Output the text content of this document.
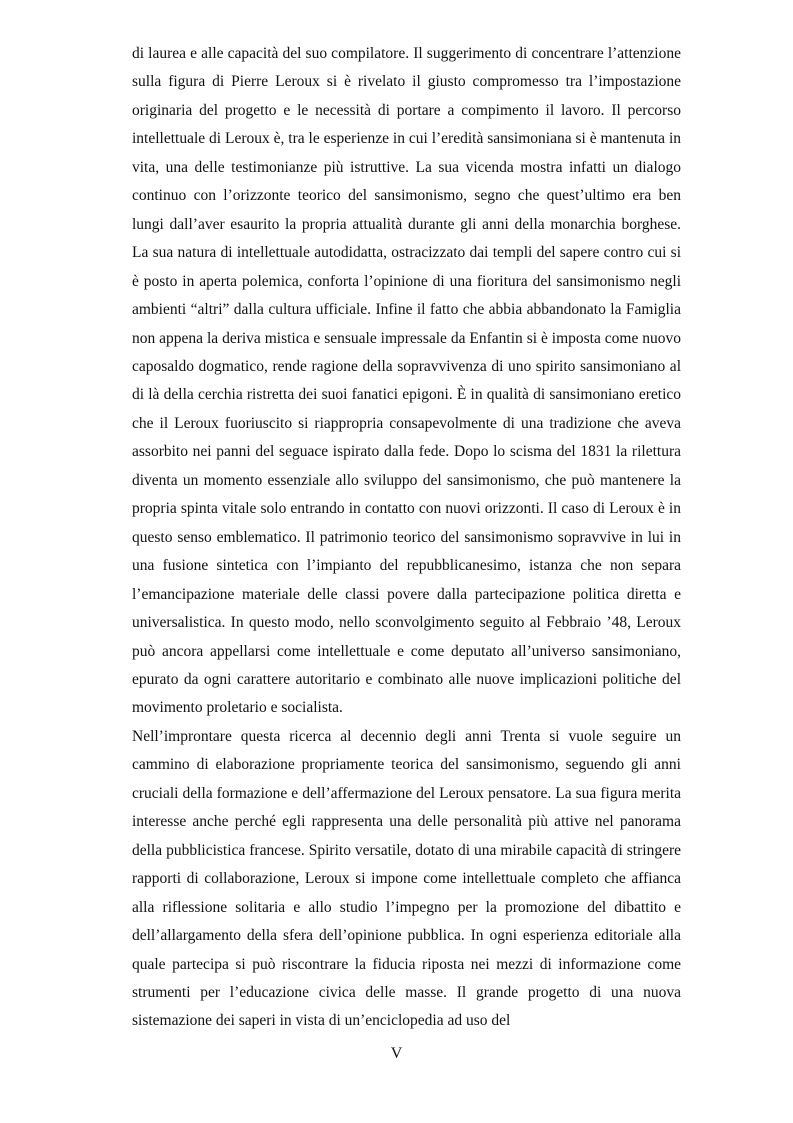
di laurea e alle capacità del suo compilatore. Il suggerimento di concentrare l’attenzione sulla figura di Pierre Leroux si è rivelato il giusto compromesso tra l’impostazione originaria del progetto e le necessità di portare a compimento il lavoro. Il percorso intellettuale di Leroux è, tra le esperienze in cui l’eredità sansimoniana si è mantenuta in vita, una delle testimonianze più istruttive. La sua vicenda mostra infatti un dialogo continuo con l’orizzonte teorico del sansimonismo, segno che quest’ultimo era ben lungi dall’aver esaurito la propria attualità durante gli anni della monarchia borghese. La sua natura di intellettuale autodidatta, ostracizzato dai templi del sapere contro cui si è posto in aperta polemica, conforta l’opinione di una fioritura del sansimonismo negli ambienti “altri” dalla cultura ufficiale. Infine il fatto che abbia abbandonato la Famiglia non appena la deriva mistica e sensuale impressale da Enfantin si è imposta come nuovo caposaldo dogmatico, rende ragione della sopravvivenza di uno spirito sansimoniano al di là della cerchia ristretta dei suoi fanatici epigoni. È in qualità di sansimoniano eretico che il Leroux fuoriuscito si riappropria consapevolmente di una tradizione che aveva assorbito nei panni del seguace ispirato dalla fede. Dopo lo scisma del 1831 la rilettura diventa un momento essenziale allo sviluppo del sansimonismo, che può mantenere la propria spinta vitale solo entrando in contatto con nuovi orizzonti. Il caso di Leroux è in questo senso emblematico. Il patrimonio teorico del sansimonismo sopravvive in lui in una fusione sintetica con l’impianto del repubblicanesimo, istanza che non separa l’emancipazione materiale delle classi povere dalla partecipazione politica diretta e universalistica. In questo modo, nello sconvolgimento seguito al Febbraio ’48, Leroux può ancora appellarsi come intellettuale e come deputato all’universo sansimoniano, epurato da ogni carattere autoritario e combinato alle nuove implicazioni politiche del movimento proletario e socialista.

Nell’improntare questa ricerca al decennio degli anni Trenta si vuole seguire un cammino di elaborazione propriamente teorica del sansimonismo, seguendo gli anni cruciali della formazione e dell’affermazione del Leroux pensatore. La sua figura merita interesse anche perché egli rappresenta una delle personalità più attive nel panorama della pubblicistica francese. Spirito versatile, dotato di una mirabile capacità di stringere rapporti di collaborazione, Leroux si impone come intellettuale completo che affianca alla riflessione solitaria e allo studio l’impegno per la promozione del dibattito e dell’allargamento della sfera dell’opinione pubblica. In ogni esperienza editoriale alla quale partecipa si può riscontrare la fiducia riposta nei mezzi di informazione come strumenti per l’educazione civica delle masse. Il grande progetto di una nuova sistemazione dei saperi in vista di un’enciclopedia ad uso del

V
